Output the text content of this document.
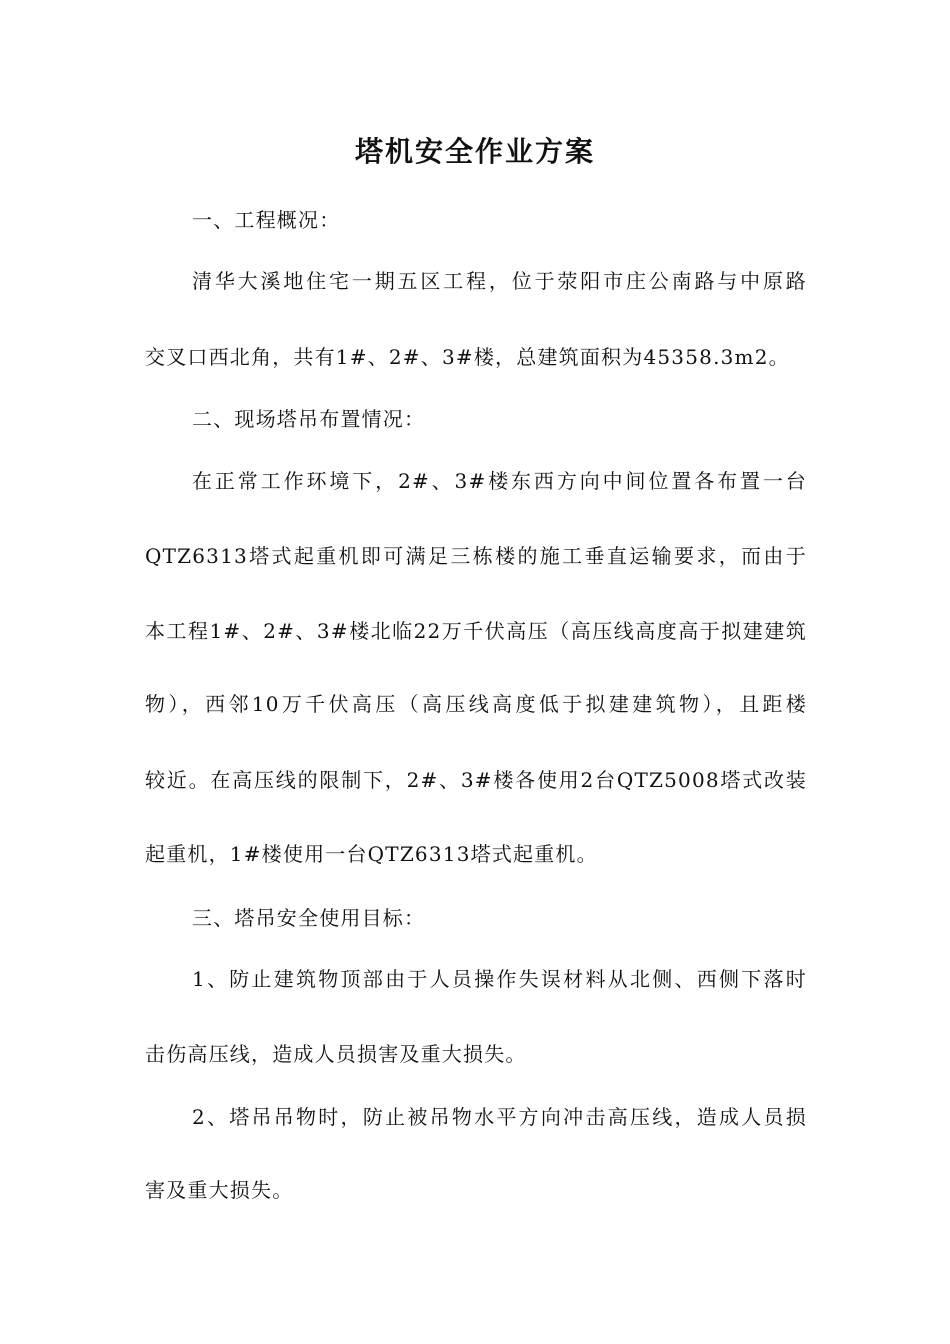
塔机安全作业方案

一、工程概况：

清华大溪地住宅一期五区工程，位于荥阳市庄公南路与中原路

交叉口西北角，共有1#、2#、3#楼，总建筑面积为45358.3m2。

二、现场塔吊布置情况：

在正常工作环境下，2#、3#楼东西方向中间位置各布置一台

QTZ6313塔式起重机即可满足三栋楼的施工垂直运输要求，而由于

本工程1#、2#、3#楼北临22万千伏高压（高压线高度高于拟建建筑

物），西邻10万千伏高压（高压线高度低于拟建建筑物），且距楼

较近。在高压线的限制下，2#、3#楼各使用2台QTZ5008塔式改装

起重机，1#楼使用一台QTZ6313塔式起重机。

三、塔吊安全使用目标：

1、防止建筑物顶部由于人员操作失误材料从北侧、西侧下落时

击伤高压线，造成人员损害及重大损失。

2、塔吊吊物时，防止被吊物水平方向冲击高压线，造成人员损

害及重大损失。
